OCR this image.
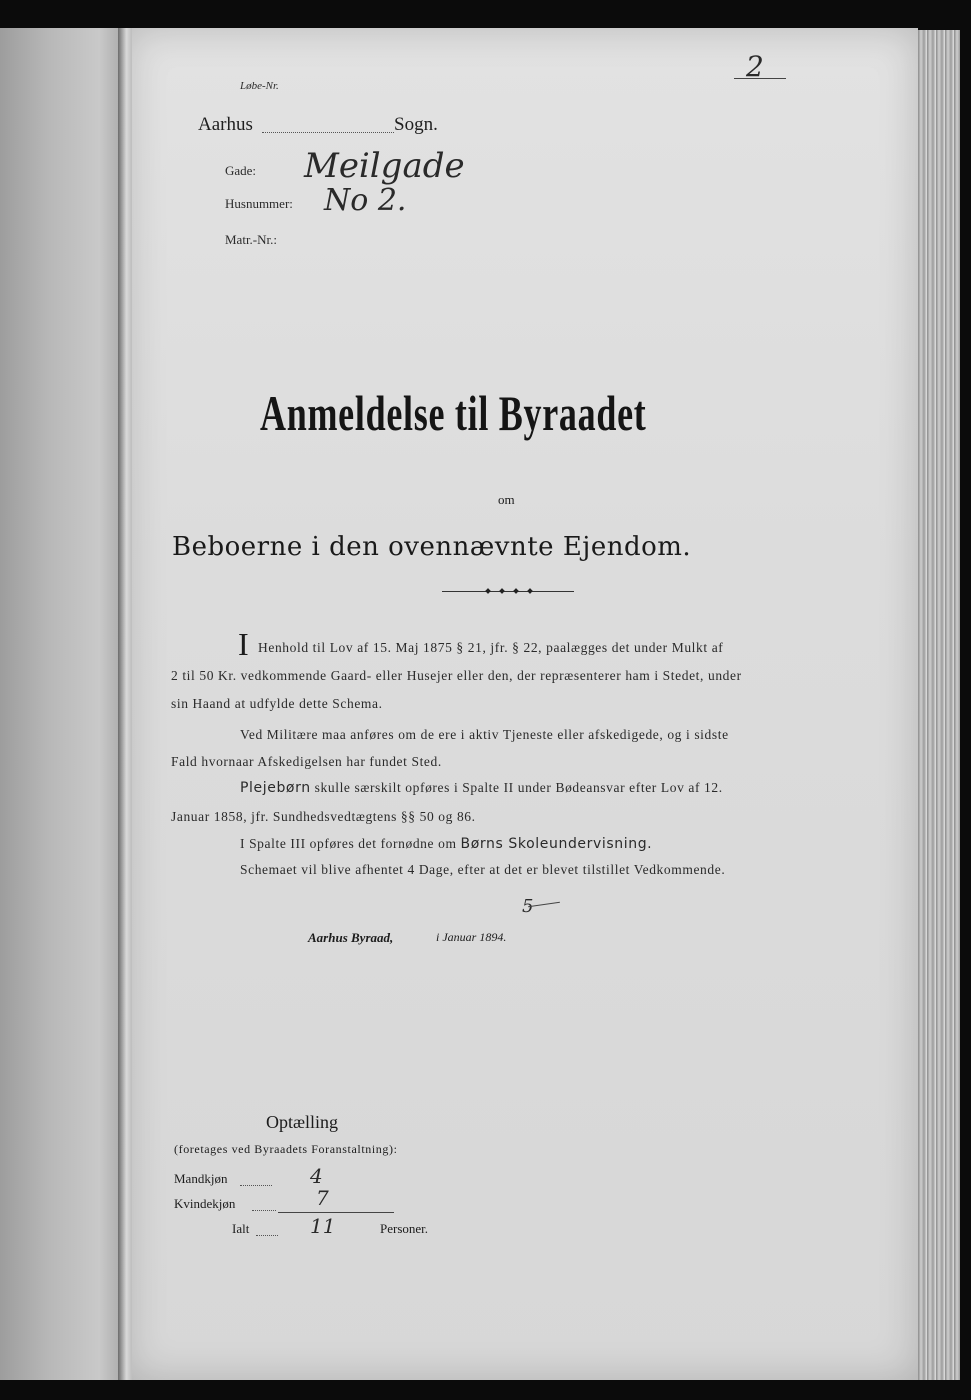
Løbe-Nr.

2

Aarhus	Sogn.

Gade: Meilgade

Husnummer: No 2.

Matr.-Nr.:

Anmeldelse til Byraadet

om

Beboerne i den ovennævnte Ejendom.

I Henhold til Lov af 15. Maj 1875 § 21, jfr. § 22, paalægges det under Mulkt af

2 til 50 Kr. vedkommende Gaard- eller Husejer eller den, der repræsenterer ham i Stedet, under

sin Haand at udfylde dette Schema.

Ved Militære maa anføres om de ere i aktiv Tjeneste eller afskedigede, og i sidste

Fald hvornaar Afskedigelsen har fundet Sted.

Plejebørn skulle særskilt opføres i Spalte II under Bødeansvar efter Lov af 12.

Januar 1858, jfr. Sundhedsvedtægtens §§ 50 og 86.

I Spalte III opføres det fornødne om Børns Skoleundervisning.

Schemaet vil blive afhentet 4 Dage, efter at det er blevet tilstillet Vedkommende.

Aarhus Byraad,	i Januar 1894.

5

Optælling

(foretages ved Byraadets Foranstaltning):

Mandkjøn	4

Kvindekjøn	7

Ialt	11	Personer.
